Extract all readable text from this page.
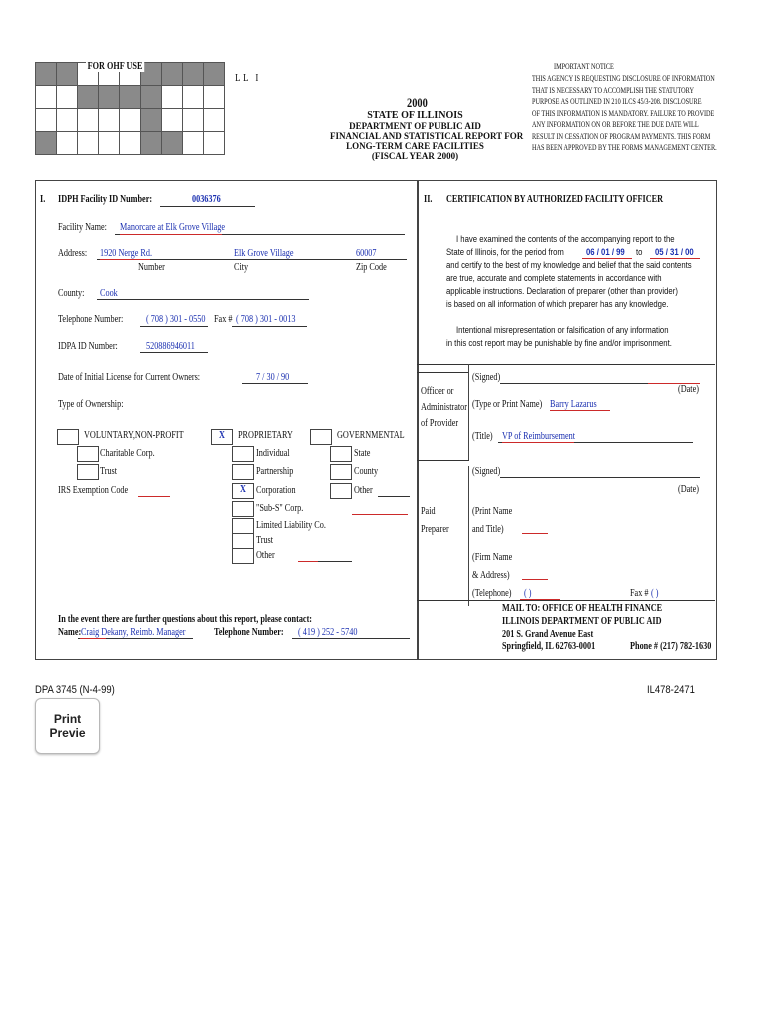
FOR OHF USE
LL I
2000
STATE OF ILLINOIS
DEPARTMENT OF PUBLIC AID
FINANCIAL AND STATISTICAL REPORT FOR
LONG-TERM CARE FACILITIES
(FISCAL YEAR 2000)
IMPORTANT NOTICE
THIS AGENCY IS REQUESTING DISCLOSURE OF INFORMATION
THAT IS NECESSARY TO ACCOMPLISH THE STATUTORY
PURPOSE AS OUTLINED IN 210 ILCS 45/3-208. DISCLOSURE
OF THIS INFORMATION IS MANDATORY. FAILURE TO PROVIDE
ANY INFORMATION ON OR BEFORE THE DUE DATE WILL
RESULT IN CESSATION OF PROGRAM PAYMENTS. THIS FORM
HAS BEEN APPROVED BY THE FORMS MANAGEMENT CENTER.
I. IDPH Facility ID Number:	0036376
Facility Name: Manorcare at Elk Grove Village
Address: 1920 Nerge Rd.	Elk Grove Village	60007
Number	City	Zip Code
County: Cook
Telephone Number: ( 708 ) 301 - 0550 Fax # ( 708 ) 301 - 0013
IDPA ID Number:	520886946011
Date of Initial License for Current Owners:	7 / 30 / 90
Type of Ownership:
VOLUNTARY,NON-PROFIT
Charitable Corp.
Trust
IRS Exemption Code
X PROPRIETARY
Individual
Partnership
X Corporation
"Sub-S" Corp.
Limited Liability Co.
Trust
Other
GOVERNMENTAL
State
County
Other
In the event there are further questions about this report, please contact:
Name: Craig Dekany, Reimb. Manager	Telephone Number: ( 419 ) 252 - 5740
II. CERTIFICATION BY AUTHORIZED FACILITY OFFICER
I have examined the contents of the accompanying report to the
State of Illinois, for the period from 06 / 01 / 99 to 05 / 31 / 00
and certify to the best of my knowledge and belief that the said contents
are true, accurate and complete statements in accordance with
applicable instructions. Declaration of preparer (other than provider)
is based on all information of which preparer has any knowledge.
Intentional misrepresentation or falsification of any information
in this cost report may be punishable by fine and/or imprisonment.
Officer or
Administrator
of Provider
(Signed)
(Date)
(Type or Print Name) Barry Lazarus
(Title) VP of Reimbursement
(Signed)
(Date)
Paid
Preparer
(Print Name
and Title)
(Firm Name
& Address)
(Telephone) ( )	Fax # ( )
MAIL TO: OFFICE OF HEALTH FINANCE
ILLINOIS DEPARTMENT OF PUBLIC AID
201 S. Grand Avenue East
Springfield, IL 62763-0001	Phone # (217) 782-1630
DPA 3745 (N-4-99)	IL478-2471
Print Previe
